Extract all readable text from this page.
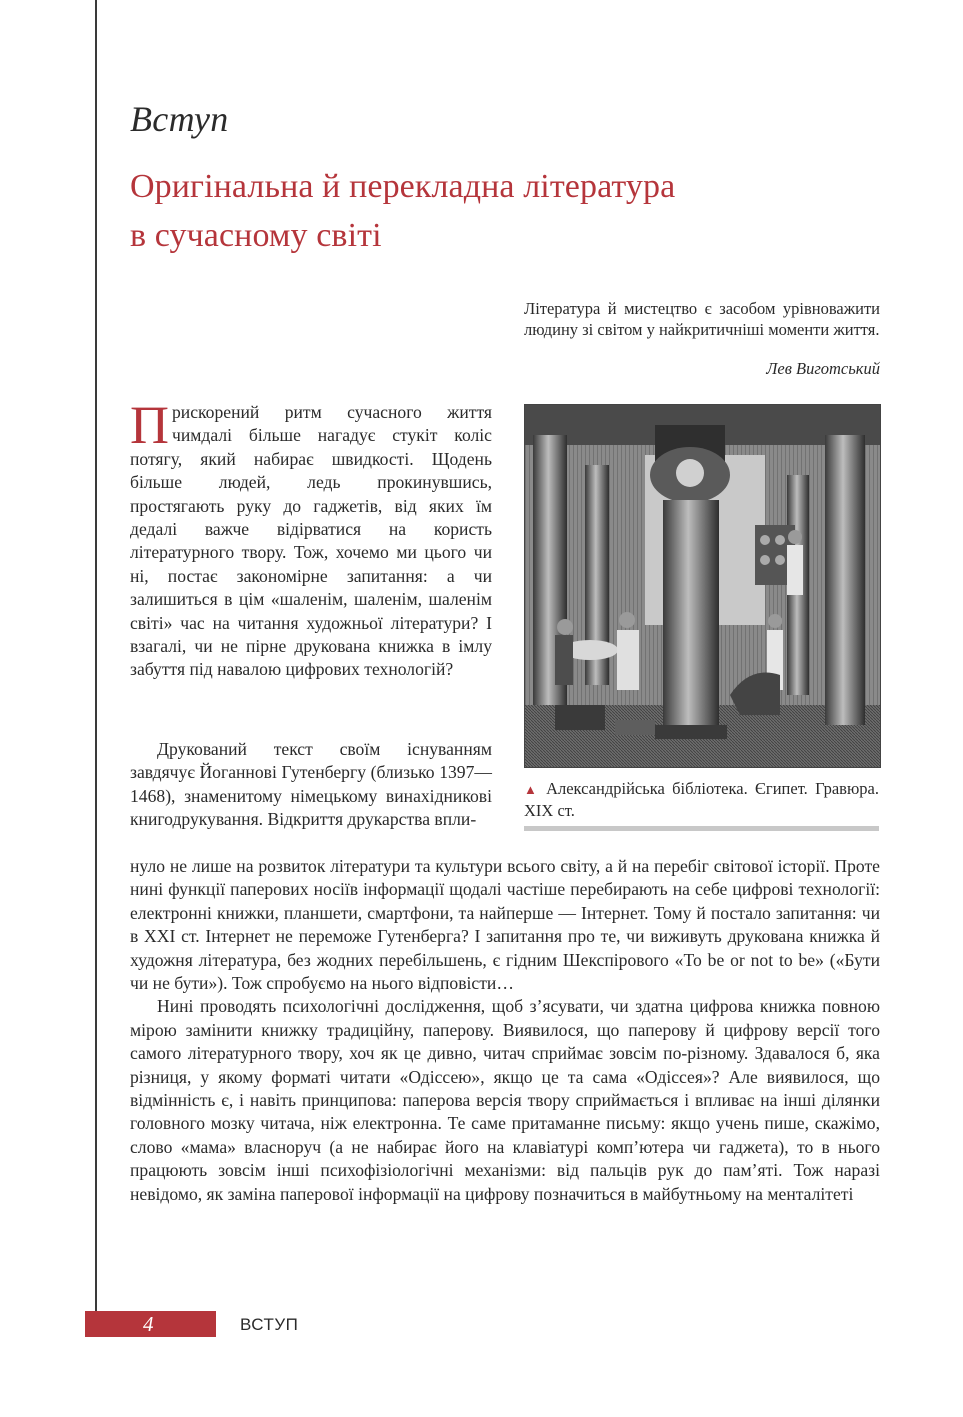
Вступ
Оригінальна й перекладна література
в сучасному світі
Література й мистецтво є засобом урівноважити людину зі світом у найкритичніші моменти життя.
Лев Виготський
▲ Александрійська бібліотека. Єгипет. Гравюра. XIX ст.
Прискорений ритм сучасного життя чимдалі більше нагадує стукіт коліс потягу, який набирає швидкості. Щодень більше людей, ледь прокинувшись, простягають руку до гаджетів, від яких їм дедалі важче відірватися на користь літературного твору. Тож, хочемо ми цього чи ні, постає закономірне запитання: а чи залишиться в цім «шаленім, шаленім, шаленім світі» час на читання художньої літератури? І взагалі, чи не пірне друкована книжка в імлу забуття під навалою цифрових технологій?
Друкований текст своїм існуванням завдячує Йоганнові Гутенбергу (близько 1397—1468), знаменитому німецькому винахідникові книгодрукування. Відкриття друкарства впли-

нуло не лише на розвиток літератури та культури всього світу, а й на перебіг світової історії. Проте нині функції паперових носіїв інформації щодалі частіше перебирають на себе цифрові технології: електронні книжки, планшети, смартфони, та найперше — Інтернет. Тому й постало запитання: чи в XXI ст. Інтернет не переможе Гутенберга? І запитання про те, чи виживуть друкована книжка й художня література, без жодних перебільшень, є гідним Шекспірового «To be or not to be» («Бути чи не бути»). Тож спробуємо на нього відповісти…

Нині проводять психологічні дослідження, щоб з’ясувати, чи здатна цифрова книжка повною мірою замінити книжку традиційну, паперову. Виявилося, що паперову й цифрову версії того самого літературного твору, хоч як це дивно, читач сприймає зовсім по-різному. Здавалося б, яка різниця, у якому форматі читати «Одіссею», якщо це та сама «Одіссея»? Але виявилося, що відмінність є, і навіть принципова: паперова версія твору сприймається і впливає на інші ділянки головного мозку читача, ніж електронна. Те саме притаманне письму: якщо учень пише, скажімо, слово «мама» власноруч (а не набирає його на клавіатурі комп’ютера чи гаджета), то в нього працюють зовсім інші психофізіологічні механізми: від пальців рук до пам’яті. Тож наразі невідомо, як заміна паперової інформації на цифрову позначиться в майбутньому на менталітеті

4	ВСТУП
